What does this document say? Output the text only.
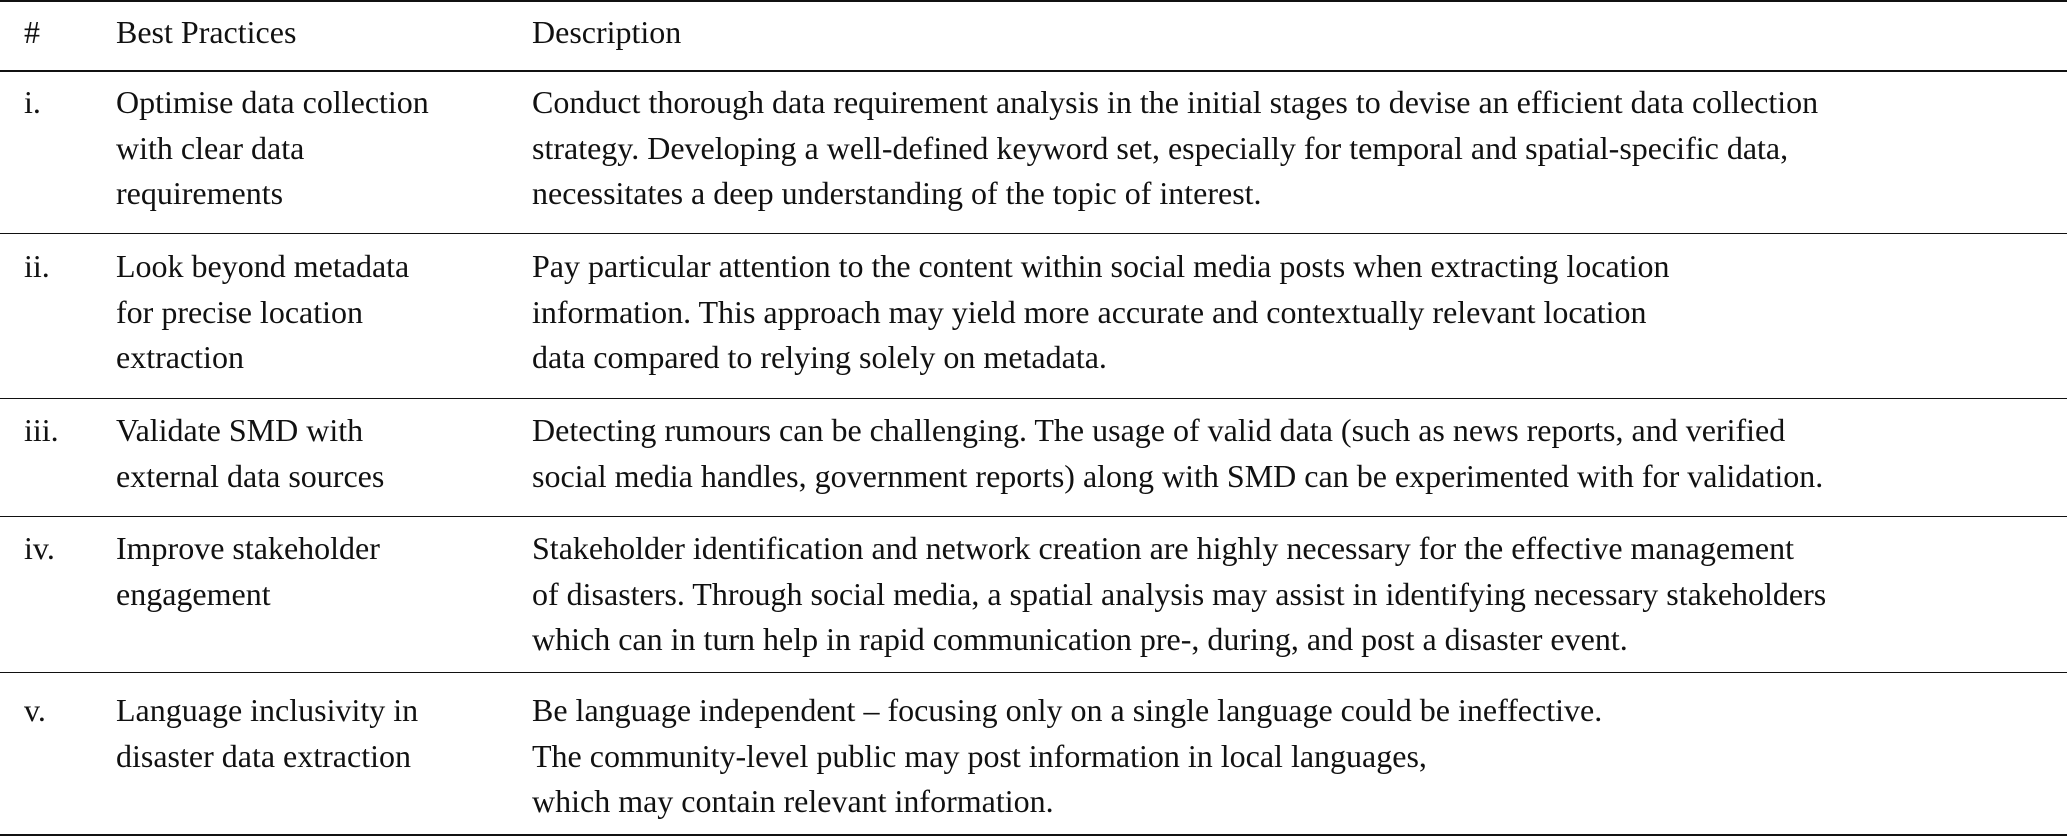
# Best Practices	Description
i. Optimise data collection
with clear data
requirements
Conduct thorough data requirement analysis in the initial stages to devise an efficient data collection
strategy. Developing a well-defined keyword set, especially for temporal and spatial-specific data,
necessitates a deep understanding of the topic of interest.
ii. Look beyond metadata
for precise location
extraction
Pay particular attention to the content within social media posts when extracting location
information. This approach may yield more accurate and contextually relevant location
data compared to relying solely on metadata.
iii. Validate SMD with
external data sources
Detecting rumours can be challenging. The usage of valid data (such as news reports, and verified
social media handles, government reports) along with SMD can be experimented with for validation.
iv. Improve stakeholder
engagement
Stakeholder identification and network creation are highly necessary for the effective management
of disasters. Through social media, a spatial analysis may assist in identifying necessary stakeholders
which can in turn help in rapid communication pre-, during, and post a disaster event.
v. Language inclusivity in
disaster data extraction
Be language independent – focusing only on a single language could be ineffective.
The community-level public may post information in local languages,
which may contain relevant information.
